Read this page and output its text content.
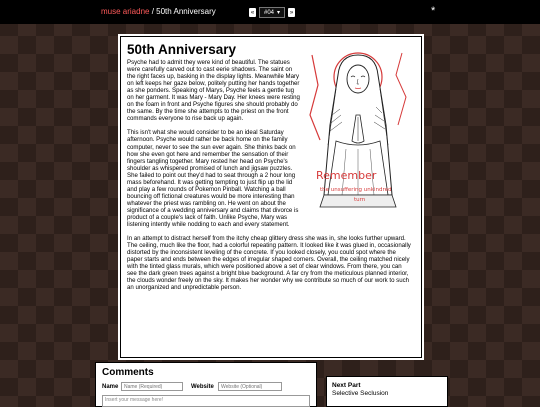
muse ariadne / 50th Anniversary	«	#04 ▾	»	*
50th Anniversary
Remember
the unsuffering unkindred
turn

Psyche had to admit they were kind of beautiful. The statues were carefully carved out to cast eerie shadows. The saint on the right faces up, basking in the display lights. Meanwhile Mary on left keeps her gaze below, politely putting her hands together as she ponders. Speaking of Marys, Psyche feels a gentle tug on her garment. It was Mary - Mary Day. Her knees were resting on the foam in front and Psyche figures she should probably do the same. By the time she attempts to the priest on the front commands everyone to rise back up again.

This isn't what she would consider to be an ideal Saturday afternoon. Psyche would rather be back home on the family computer, never to see the sun ever again. She thinks back on how she even got here and remember the sensation of their fingers tangling together. Mary rested her head on Psyche's shoulder as whispered promised of lunch and jigsaw puzzles. She failed to point out they'd had to seat through a 2 hour long mass beforehand. It was getting tempting to just flip up the lid and play a few rounds of Pokemon Pinball. Watching a ball bouncing off fictional creatures would be more interesting than whatever the priest was rambling on. He went on about the significance of a wedding anniversary and claims that divorce is product of a couple's lack of faith. Unlike Psyche, Mary was listening intently while nodding to each and every statement.

In an attempt to distract herself from the itchy cheap glittery dress she was in, she looks further upward. The ceiling, much like the floor, had a colorful repeating pattern. It looked like it was glued in, occasionally distorted by the inconsistent leveling of the concrete. If you looked closely, you could spot where the paper starts and ends between the edges of irregular shaped corners. Overall, the ceiling matched nicely with the tinted glass murals, which were positioned above a set of clear windows. From there, you can see the dark green trees against a bright blue background. A far cry from the meticulous planned interior, the clouds wonder freely on the sky. It makes her wonder why we contribute so much of our work to such an unorganized and unpredictable person.

Comments
Name
Name (Required)	Website
Website (Optional)
Insert your message here!
Next Part
Selective Seclusion
